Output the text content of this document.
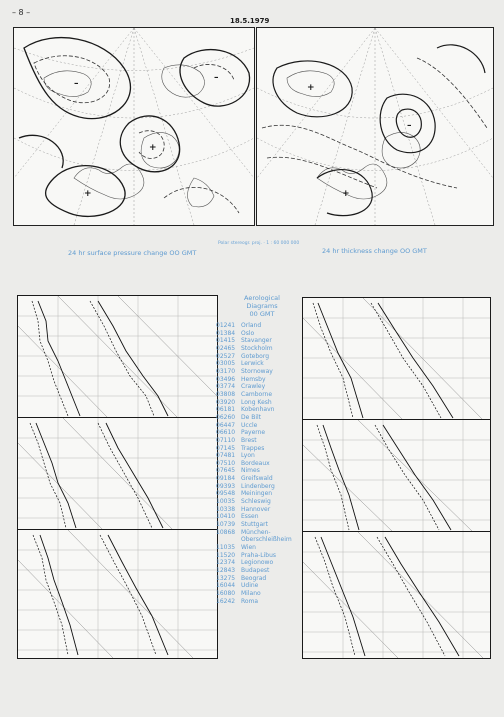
– 8 –
18.5.1979
–
+
+
–
–
+
+
24 hr surface pressure change OO GMT
Polar stereogr. proj. · 1 : 60 000 000
24 hr thickness change OO GMT
Aerological
Diagrams
00 GMT
01241 Orland
01384 Oslo
01415 Stavanger
02465 Stockholm
02527 Goteborg
03005 Lerwick
03170 Stornoway
03496 Hemsby
03774 Crawley
03808 Camborne
03920 Long Kesh
06181 Kobenhavn
06260 De Bilt
06447 Uccle
06610 Payerne
07110 Brest
07145 Trappes
07481 Lyon
07510 Bordeaux
07645 Nimes
09184 Greifswald
09393 Lindenberg
09548 Meiningen
10035 Schleswig
10338 Hannover
10410 Essen
10739 Stuttgart
10868 München-
Oberschleißheim
11035 Wien
11520 Praha-Libus
12374 Legionowo
12843 Budapest
13275 Beograd
16044 Udine
16080 Milano
16242 Roma
